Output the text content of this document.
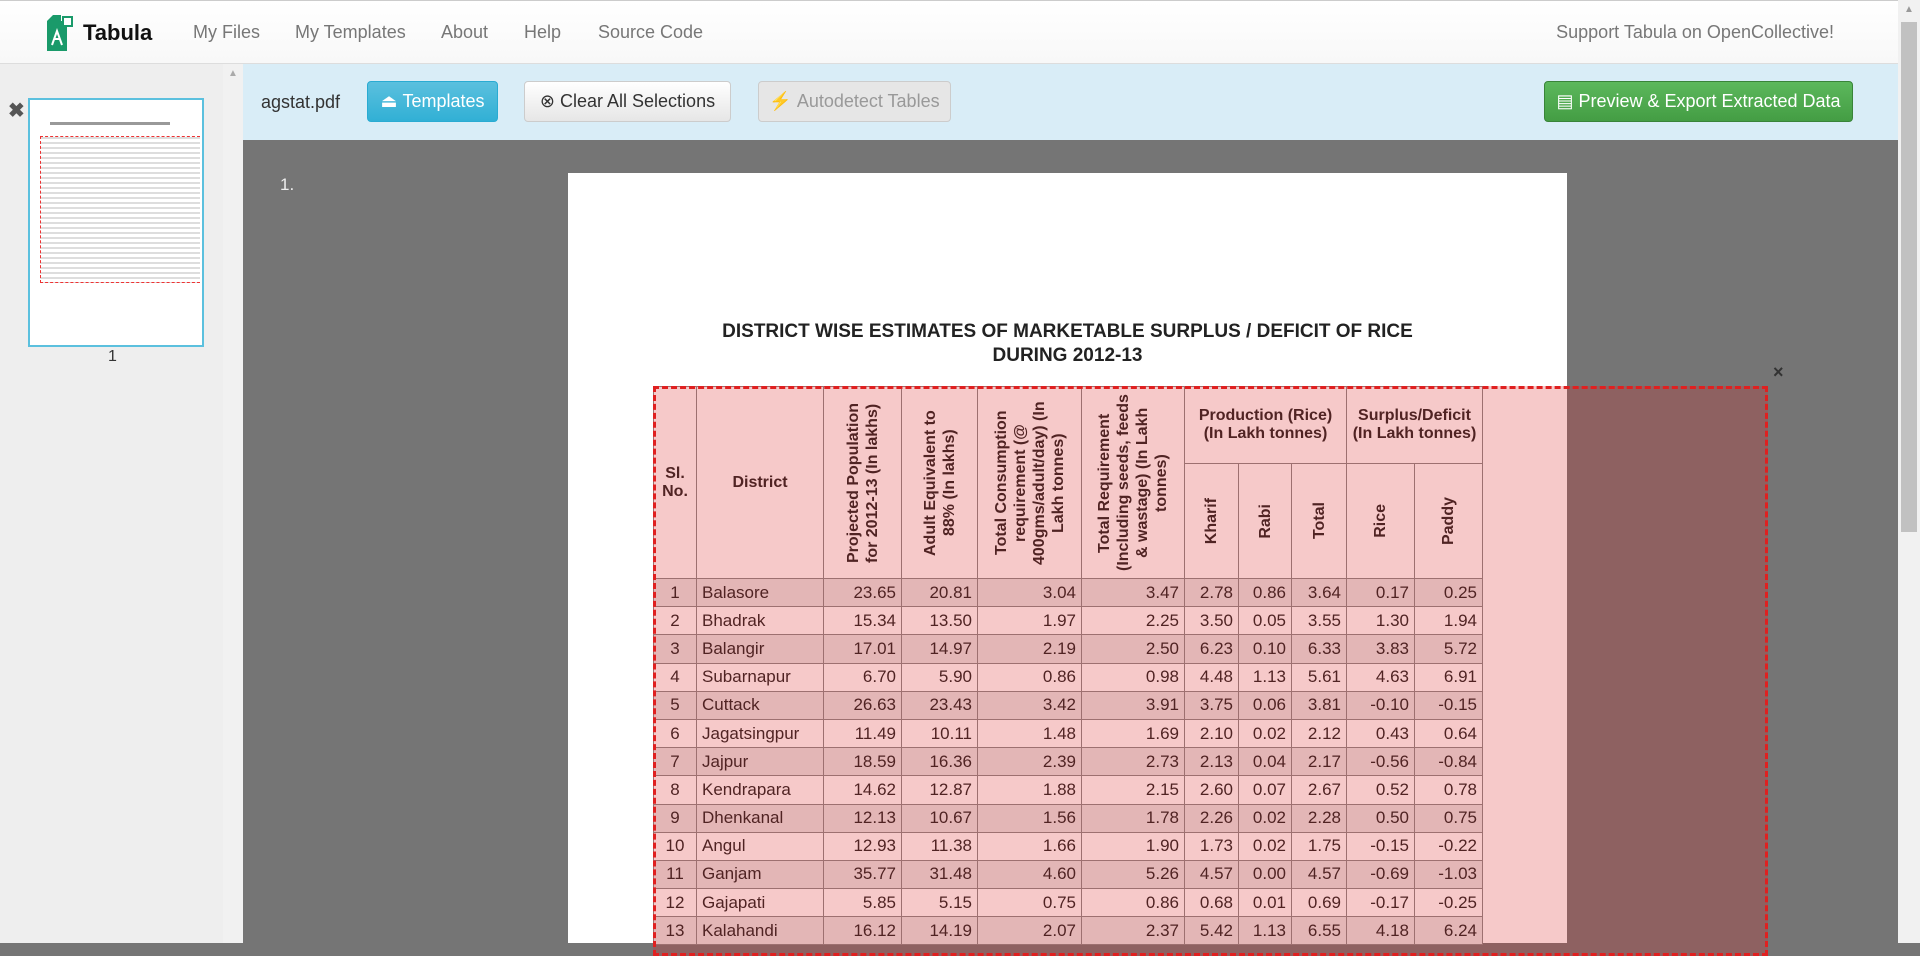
Tabula My Files My Templates About Help Source Code	Support Tabula on OpenCollective!
▲
✖
1
agstat.pdf ⏏ Templates	⊗ Clear All Selections	⚡ Autodetect Tables	▤ Preview & Export Extracted Data
1.
DISTRICT WISE ESTIMATES OF MARKETABLE SURPLUS / DEFICIT OF RICE
DURING 2012-13
Sl. No.	District	Projected Population for 2012-13 (In lakhs)	Adult Equivalent to 88% (In lakhs)	Total Consumption requirement (@ 400gms/adult/day) (In Lakh tonnes)	Total Requirement (Including seeds, feeds & wastage) (In Lakh tonnes)	Production (Rice) (In Lakh tonnes)			Surplus/Deficit (In Lakh tonnes)	

						Kharif	Rabi	Total	Rice	Paddy

1	Balasore	23.65	20.81	3.04	3.47	2.78	0.86	3.64	0.17	0.25
2	Bhadrak	15.34	13.50	1.97	2.25	3.50	0.05	3.55	1.30	1.94
3	Balangir	17.01	14.97	2.19	2.50	6.23	0.10	6.33	3.83	5.72
4	Subarnapur	6.70	5.90	0.86	0.98	4.48	1.13	5.61	4.63	6.91
5	Cuttack	26.63	23.43	3.42	3.91	3.75	0.06	3.81	-0.10	-0.15
6	Jagatsingpur	11.49	10.11	1.48	1.69	2.10	0.02	2.12	0.43	0.64
7	Jajpur	18.59	16.36	2.39	2.73	2.13	0.04	2.17	-0.56	-0.84
8	Kendrapara	14.62	12.87	1.88	2.15	2.60	0.07	2.67	0.52	0.78
9	Dhenkanal	12.13	10.67	1.56	1.78	2.26	0.02	2.28	0.50	0.75
10	Angul	12.93	11.38	1.66	1.90	1.73	0.02	1.75	-0.15	-0.22
11	Ganjam	35.77	31.48	4.60	5.26	4.57	0.00	4.57	-0.69	-1.03
12	Gajapati	5.85	5.15	0.75	0.86	0.68	0.01	0.69	-0.17	-0.25
13	Kalahandi	16.12	14.19	2.07	2.37	5.42	1.13	6.55	4.18	6.24
×
▲
